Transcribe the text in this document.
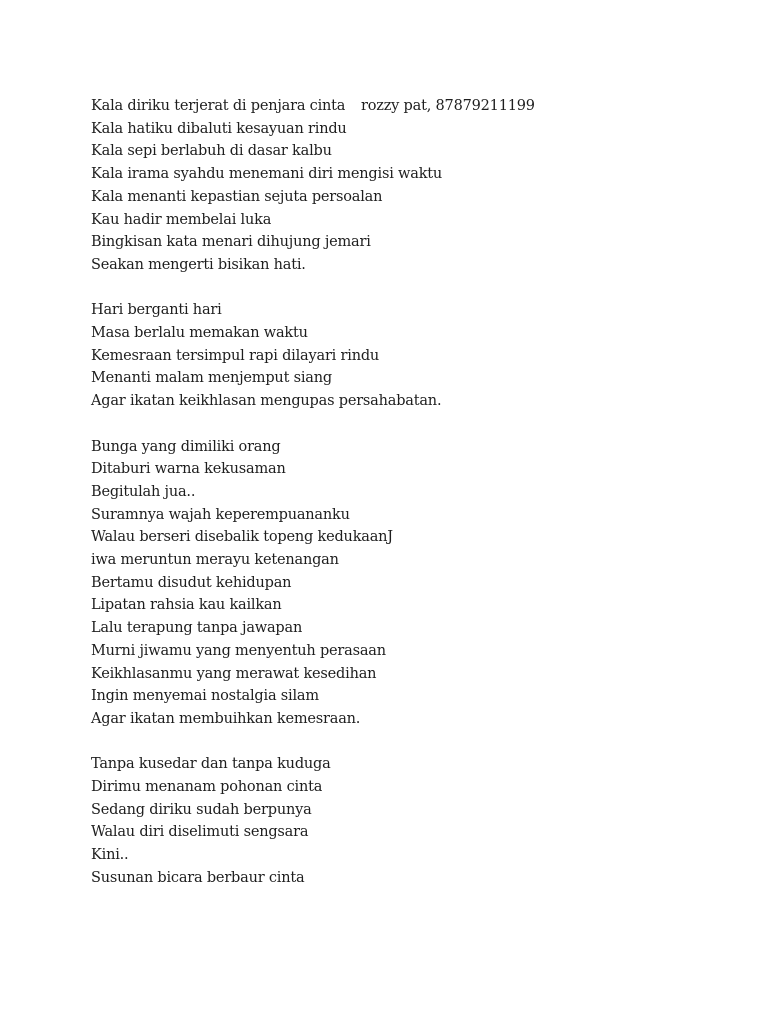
Kala diriku terjerat di penjara cinta rozzy pat, 87879211199
Kala hatiku dibaluti kesayuan rindu
Kala sepi berlabuh di dasar kalbu
Kala irama syahdu menemani diri mengisi waktu
Kala menanti kepastian sejuta persoalan
Kau hadir membelai luka
Bingkisan kata menari dihujung jemari
Seakan mengerti bisikan hati.
Hari berganti hari
Masa berlalu memakan waktu
Kemesraan tersimpul rapi dilayari rindu
Menanti malam menjemput siang
Agar ikatan keikhlasan mengupas persahabatan.
Bunga yang dimiliki orang
Ditaburi warna kekusaman
Begitulah jua..
Suramnya wajah keperempuananku
Walau berseri disebalik topeng kedukaanJ
iwa meruntun merayu ketenangan
Bertamu disudut kehidupan
Lipatan rahsia kau kailkan
Lalu terapung tanpa jawapan
Murni jiwamu yang menyentuh perasaan
Keikhlasanmu yang merawat kesedihan
Ingin menyemai nostalgia silam
Agar ikatan membuihkan kemesraan.
Tanpa kusedar dan tanpa kuduga
Dirimu menanam pohonan cinta
Sedang diriku sudah berpunya
Walau diri diselimuti sengsara
Kini..
Susunan bicara berbaur cinta
